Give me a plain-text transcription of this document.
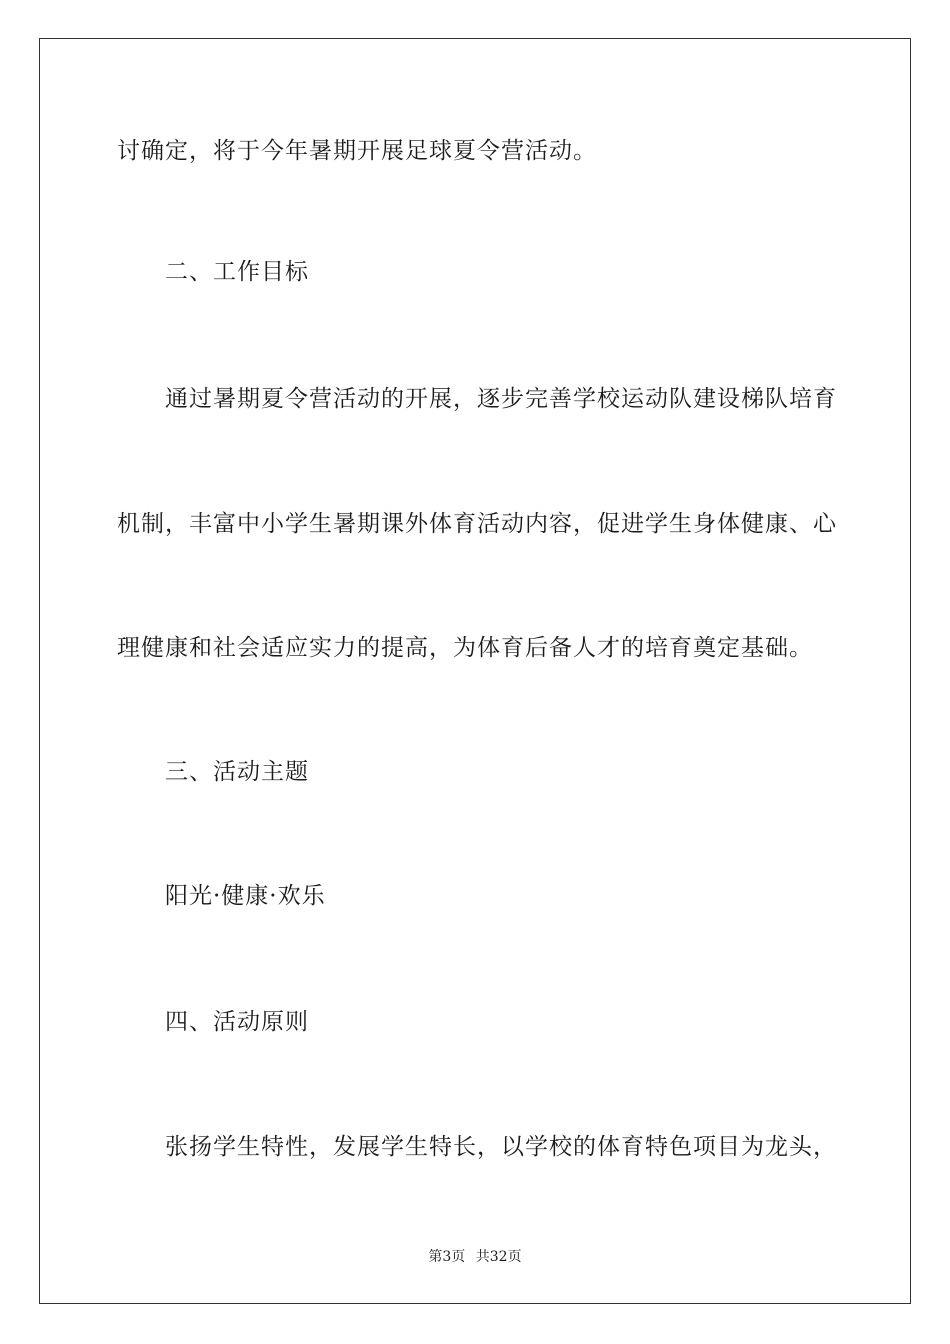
讨确定，将于今年暑期开展足球夏令营活动。
二、工作目标
通过暑期夏令营活动的开展，逐步完善学校运动队建设梯队培育
机制，丰富中小学生暑期课外体育活动内容，促进学生身体健康、心
理健康和社会适应实力的提高，为体育后备人才的培育奠定基础。
三、活动主题
阳光·健康·欢乐
四、活动原则
张扬学生特性，发展学生特长，以学校的体育特色项目为龙头，
第3页 共32页
